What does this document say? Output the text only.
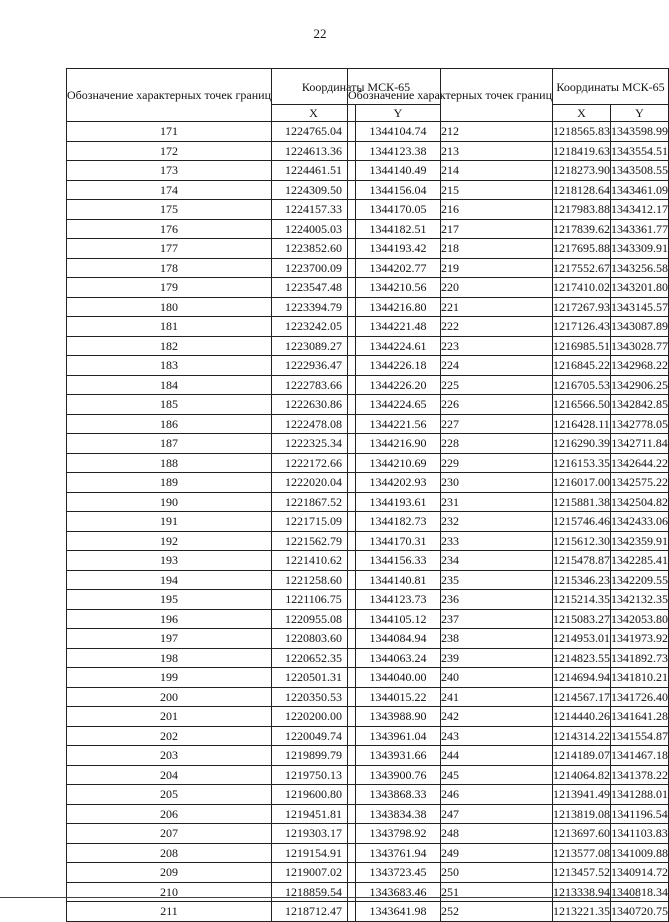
22
Обозначение характерных точек границ	Координаты МСК-65	
	X	Y
171	1224765.04	1344104.74
172	1224613.36	1344123.38
173	1224461.51	1344140.49
174	1224309.50	1344156.04
175	1224157.33	1344170.05
176	1224005.03	1344182.51
177	1223852.60	1344193.42
178	1223700.09	1344202.77
179	1223547.48	1344210.56
180	1223394.79	1344216.80
181	1223242.05	1344221.48
182	1223089.27	1344224.61
183	1222936.47	1344226.18
184	1222783.66	1344226.20
185	1222630.86	1344224.65
186	1222478.08	1344221.56
187	1222325.34	1344216.90
188	1222172.66	1344210.69
189	1222020.04	1344202.93
190	1221867.52	1344193.61
191	1221715.09	1344182.73
192	1221562.79	1344170.31
193	1221410.62	1344156.33
194	1221258.60	1344140.81
195	1221106.75	1344123.73
196	1220955.08	1344105.12
197	1220803.60	1344084.94
198	1220652.35	1344063.24
199	1220501.31	1344040.00
200	1220350.53	1344015.22
201	1220200.00	1343988.90
202	1220049.74	1343961.04
203	1219899.79	1343931.66
204	1219750.13	1343900.76
205	1219600.80	1343868.33
206	1219451.81	1343834.38
207	1219303.17	1343798.92
208	1219154.91	1343761.94
209	1219007.02	1343723.45
210	1218859.54	1343683.46
211	1218712.47	1343641.98
Обозначение характерных точек границ	Координаты МСК-65	
	X	Y
212	1218565.83	1343598.99
213	1218419.63	1343554.51
214	1218273.90	1343508.55
215	1218128.64	1343461.09
216	1217983.88	1343412.17
217	1217839.62	1343361.77
218	1217695.88	1343309.91
219	1217552.67	1343256.58
220	1217410.02	1343201.80
221	1217267.93	1343145.57
222	1217126.43	1343087.89
223	1216985.51	1343028.77
224	1216845.22	1342968.22
225	1216705.53	1342906.25
226	1216566.50	1342842.85
227	1216428.11	1342778.05
228	1216290.39	1342711.84
229	1216153.35	1342644.22
230	1216017.00	1342575.22
231	1215881.38	1342504.82
232	1215746.46	1342433.06
233	1215612.30	1342359.91
234	1215478.87	1342285.41
235	1215346.23	1342209.55
236	1215214.35	1342132.35
237	1215083.27	1342053.80
238	1214953.01	1341973.92
239	1214823.55	1341892.73
240	1214694.94	1341810.21
241	1214567.17	1341726.40
242	1214440.26	1341641.28
243	1214314.22	1341554.87
244	1214189.07	1341467.18
245	1214064.82	1341378.22
246	1213941.49	1341288.01
247	1213819.08	1341196.54
248	1213697.60	1341103.83
249	1213577.08	1341009.88
250	1213457.52	1340914.72
251	1213338.94	1340818.34
252	1213221.35	1340720.75
